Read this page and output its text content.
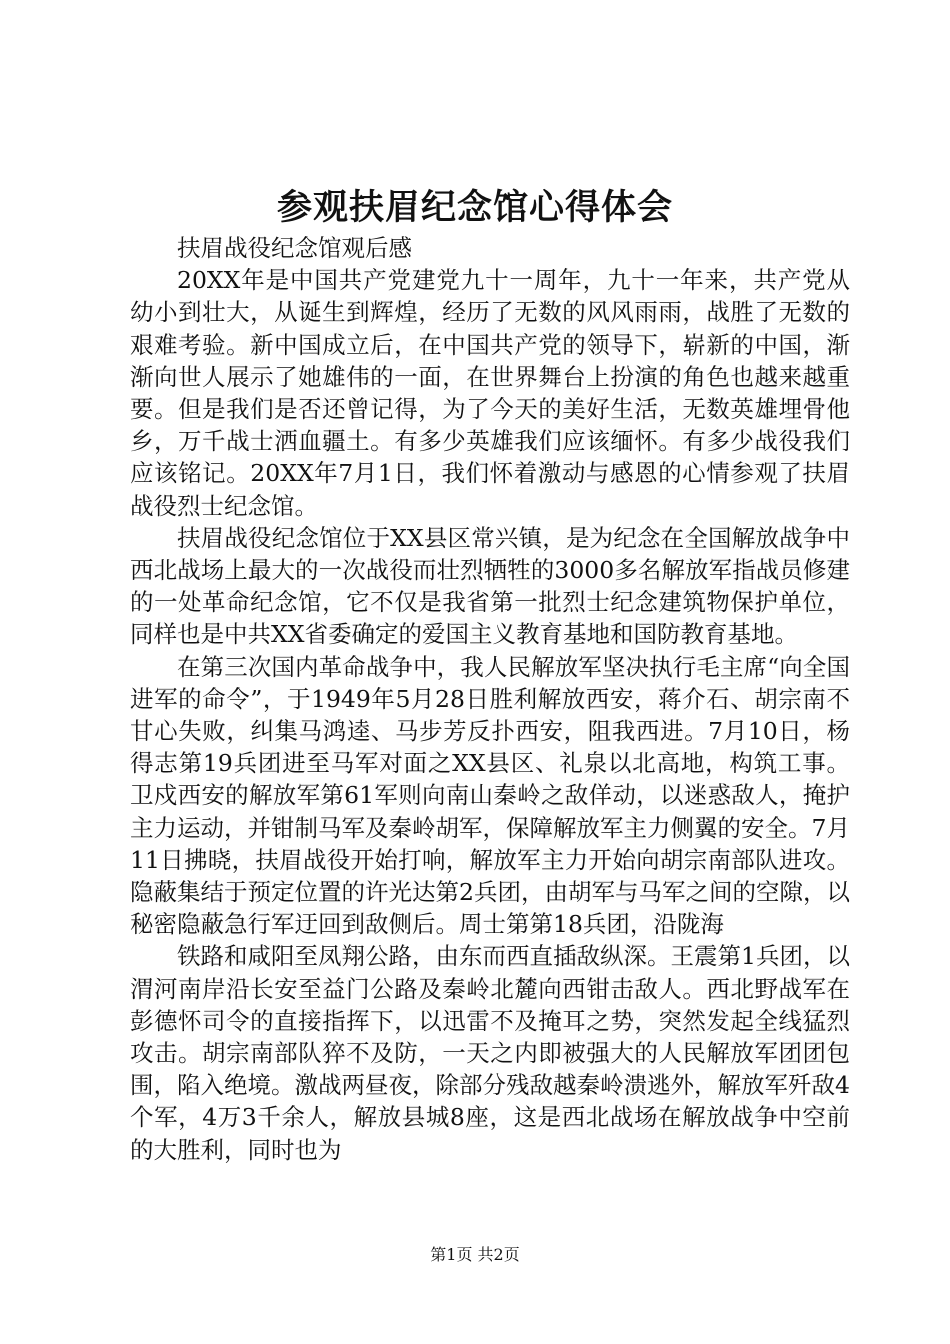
参观扶眉纪念馆心得体会

扶眉战役纪念馆观后感

20XX年是中国共产党建党九十一周年，九十一年来，共产党从幼小到壮大，从诞生到辉煌，经历了无数的风风雨雨，战胜了无数的艰难考验。新中国成立后，在中国共产党的领导下，崭新的中国，渐渐向世人展示了她雄伟的一面，在世界舞台上扮演的角色也越来越重要。但是我们是否还曾记得，为了今天的美好生活，无数英雄埋骨他乡，万千战士洒血疆土。有多少英雄我们应该缅怀。有多少战役我们应该铭记。20XX年7月1日，我们怀着激动与感恩的心情参观了扶眉战役烈士纪念馆。

扶眉战役纪念馆位于XX县区常兴镇，是为纪念在全国解放战争中西北战场上最大的一次战役而壮烈牺牲的3000多名解放军指战员修建的一处革命纪念馆，它不仅是我省第一批烈士纪念建筑物保护单位，同样也是中共XX省委确定的爱国主义教育基地和国防教育基地。

在第三次国内革命战争中，我人民解放军坚决执行毛主席“向全国进军的命令”，于1949年5月28日胜利解放西安，蒋介石、胡宗南不甘心失败，纠集马鸿逵、马步芳反扑西安，阻我西进。7月10日，杨得志第19兵团进至马军对面之XX县区、礼泉以北高地，构筑工事。卫戍西安的解放军第61军则向南山秦岭之敌佯动，以迷惑敌人，掩护主力运动，并钳制马军及秦岭胡军，保障解放军主力侧翼的安全。7月11日拂晓，扶眉战役开始打响，解放军主力开始向胡宗南部队进攻。隐蔽集结于预定位置的许光达第2兵团，由胡军与马军之间的空隙，以秘密隐蔽急行军迂回到敌侧后。周士第第18兵团，沿陇海

铁路和咸阳至凤翔公路，由东而西直插敌纵深。王震第1兵团，以渭河南岸沿长安至益门公路及秦岭北麓向西钳击敌人。西北野战军在彭德怀司令的直接指挥下，以迅雷不及掩耳之势，突然发起全线猛烈攻击。胡宗南部队猝不及防，一天之内即被强大的人民解放军团团包围，陷入绝境。激战两昼夜，除部分残敌越秦岭溃逃外，解放军歼敌4个军，4万3千余人，解放县城8座，这是西北战场在解放战争中空前的大胜利，同时也为

第1页 共2页
